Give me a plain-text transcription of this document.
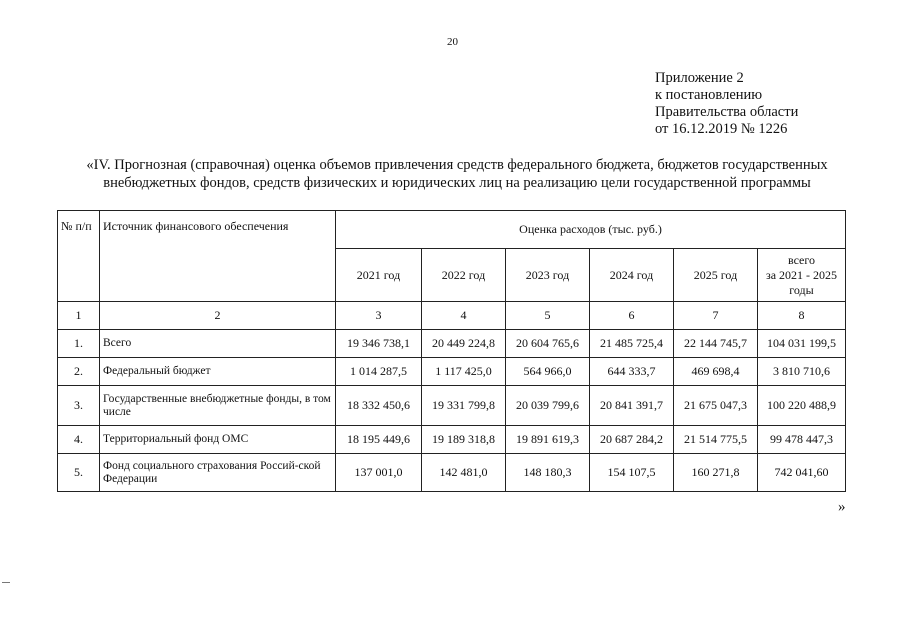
20
Приложение 2
к постановлению
Правительства области
от 16.12.2019 № 1226
«IV. Прогнозная (справочная) оценка объемов привлечения средств федерального бюджета, бюджетов государственных
внебюджетных фондов, средств физических и юридических лиц на реализацию цели государственной программы
№ п/п	Источник финансового обеспечения	Оценка расходов (тыс. руб.)					
		2021 год	2022 год	2023 год	2024 год	2025 год	всего
за 2021 - 2025
годы

1	2	3	4	5	6	7	8
1.	Всего	19 346 738,1	20 449 224,8	20 604 765,6	21 485 725,4	22 144 745,7	104 031 199,5
2.	Федеральный бюджет	1 014 287,5	1 117 425,0	564 966,0	644 333,7	469 698,4	3 810 710,6
3.	Государственные внебюджетные фонды, в том числе	18 332 450,6	19 331 799,8	20 039 799,6	20 841 391,7	21 675 047,3	100 220 488,9
4.	Территориальный фонд ОМС	18 195 449,6	19 189 318,8	19 891 619,3	20 687 284,2	21 514 775,5	99 478 447,3
5.	Фонд социального страхования Россий-ской Федерации	137 001,0	142 481,0	148 180,3	154 107,5	160 271,8	742 041,60
»
